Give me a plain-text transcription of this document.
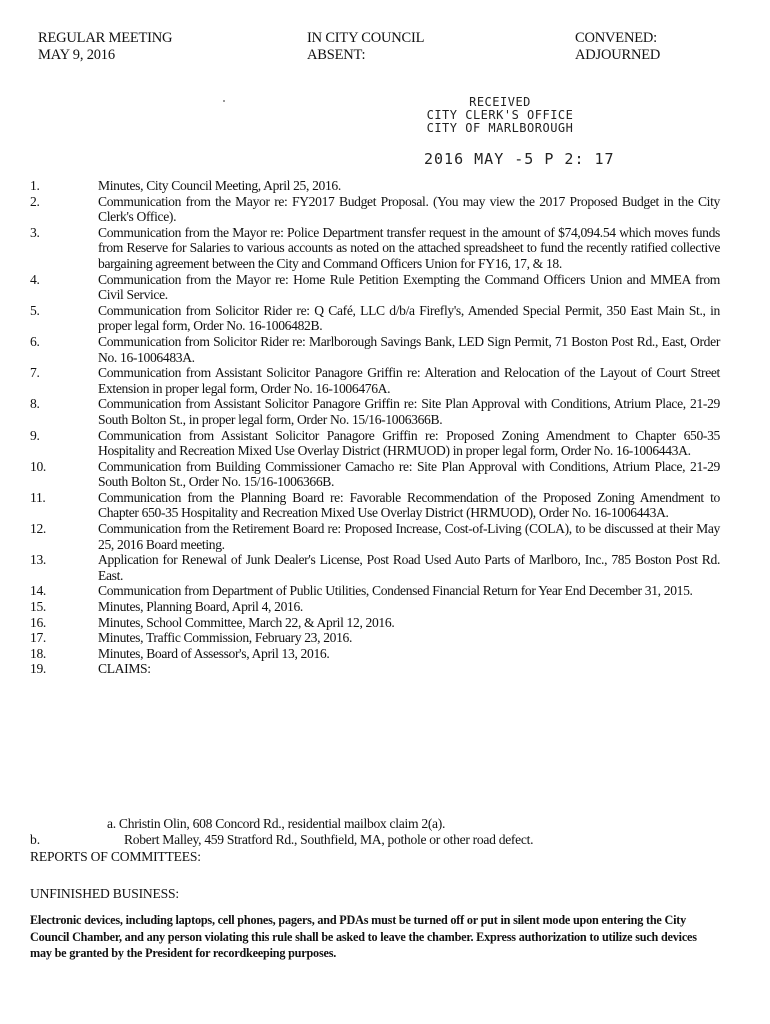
REGULAR MEETING
MAY 9, 2016
IN CITY COUNCIL
ABSENT:
CONVENED:
ADJOURNED
RECEIVED
CITY CLERK'S OFFICE
CITY OF MARLBOROUGH
2016 MAY -5 P 2: 17
1.	Minutes, City Council Meeting, April 25, 2016.
2.	Communication from the Mayor re: FY2017 Budget Proposal. (You may view the 2017 Proposed Budget in the City Clerk's Office).
3.	Communication from the Mayor re: Police Department transfer request in the amount of $74,094.54 which moves funds from Reserve for Salaries to various accounts as noted on the attached spreadsheet to fund the recently ratified collective bargaining agreement between the City and Command Officers Union for FY16, 17, & 18.
4.	Communication from the Mayor re: Home Rule Petition Exempting the Command Officers Union and MMEA from Civil Service.
5.	Communication from Solicitor Rider re: Q Café, LLC d/b/a Firefly's, Amended Special Permit, 350 East Main St., in proper legal form, Order No. 16-1006482B.
6.	Communication from Solicitor Rider re: Marlborough Savings Bank, LED Sign Permit, 71 Boston Post Rd., East, Order No. 16-1006483A.
7.	Communication from Assistant Solicitor Panagore Griffin re: Alteration and Relocation of the Layout of Court Street Extension in proper legal form, Order No. 16-1006476A.
8.	Communication from Assistant Solicitor Panagore Griffin re: Site Plan Approval with Conditions, Atrium Place, 21-29 South Bolton St., in proper legal form, Order No. 15/16-1006366B.
9.	Communication from Assistant Solicitor Panagore Griffin re: Proposed Zoning Amendment to Chapter 650-35 Hospitality and Recreation Mixed Use Overlay District (HRMUOD) in proper legal form, Order No. 16-1006443A.
10.	Communication from Building Commissioner Camacho re: Site Plan Approval with Conditions, Atrium Place, 21-29 South Bolton St., Order No. 15/16-1006366B.
11.	Communication from the Planning Board re: Favorable Recommendation of the Proposed Zoning Amendment to Chapter 650-35 Hospitality and Recreation Mixed Use Overlay District (HRMUOD), Order No. 16-1006443A.
12.	Communication from the Retirement Board re: Proposed Increase, Cost-of-Living (COLA), to be discussed at their May 25, 2016 Board meeting.
13.	Application for Renewal of Junk Dealer's License, Post Road Used Auto Parts of Marlboro, Inc., 785 Boston Post Rd. East.
14.	Communication from Department of Public Utilities, Condensed Financial Return for Year End December 31, 2015.
15.	Minutes, Planning Board, April 4, 2016.
16.	Minutes, School Committee, March 22, & April 12, 2016.
17.	Minutes, Traffic Commission, February 23, 2016.
18.	Minutes, Board of Assessor's, April 13, 2016.
19.	CLAIMS:
a. Christin Olin, 608 Concord Rd., residential mailbox claim 2(a).
b.	Robert Malley, 459 Stratford Rd., Southfield, MA, pothole or other road defect.
REPORTS OF COMMITTEES:
UNFINISHED BUSINESS:
Electronic devices, including laptops, cell phones, pagers, and PDAs must be turned off or put in silent mode upon entering the City Council Chamber, and any person violating this rule shall be asked to leave the chamber. Express authorization to utilize such devices may be granted by the President for recordkeeping purposes.
